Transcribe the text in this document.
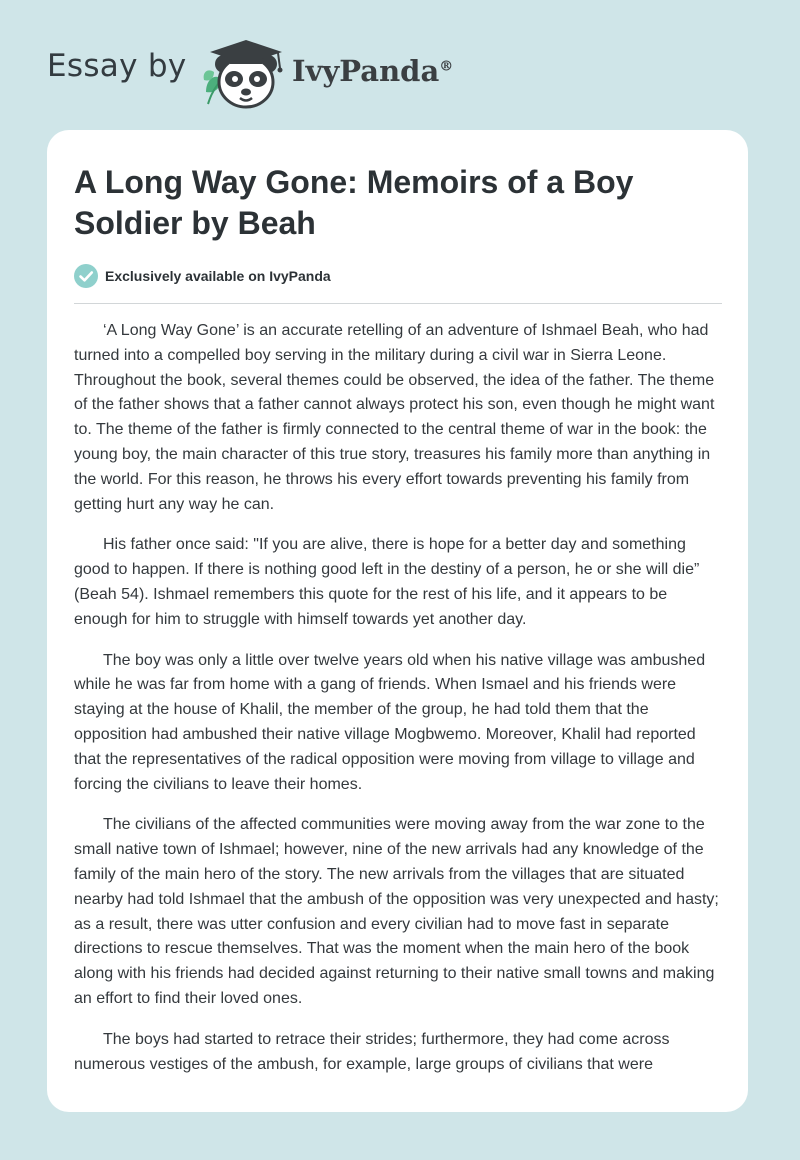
Essay by	IvyPanda®
A Long Way Gone: Memoirs of a Boy Soldier by Beah
Exclusively available on IvyPanda

‘A Long Way Gone’ is an accurate retelling of an adventure of Ishmael Beah, who had turned into a compelled boy serving in the military during a civil war in Sierra Leone. Throughout the book, several themes could be observed, the idea of the father. The theme of the father shows that a father cannot always protect his son, even though he might want to. The theme of the father is firmly connected to the central theme of war in the book: the young boy, the main character of this true story, treasures his family more than anything in the world. For this reason, he throws his every effort towards preventing his family from getting hurt any way he can.

His father once said: "If you are alive, there is hope for a better day and something good to happen. If there is nothing good left in the destiny of a person, he or she will die” (Beah 54). Ishmael remembers this quote for the rest of his life, and it appears to be enough for him to struggle with himself towards yet another day.

The boy was only a little over twelve years old when his native village was ambushed while he was far from home with a gang of friends. When Ismael and his friends were staying at the house of Khalil, the member of the group, he had told them that the opposition had ambushed their native village Mogbwemo. Moreover, Khalil had reported that the representatives of the radical opposition were moving from village to village and forcing the civilians to leave their homes.

The civilians of the affected communities were moving away from the war zone to the small native town of Ishmael; however, nine of the new arrivals had any knowledge of the family of the main hero of the story. The new arrivals from the villages that are situated nearby had told Ishmael that the ambush of the opposition was very unexpected and hasty; as a result, there was utter confusion and every civilian had to move fast in separate directions to rescue themselves. That was the moment when the main hero of the book along with his friends had decided against returning to their native small towns and making an effort to find their loved ones.

The boys had started to retrace their strides; furthermore, they had come across numerous vestiges of the ambush, for example, large groups of civilians that were
